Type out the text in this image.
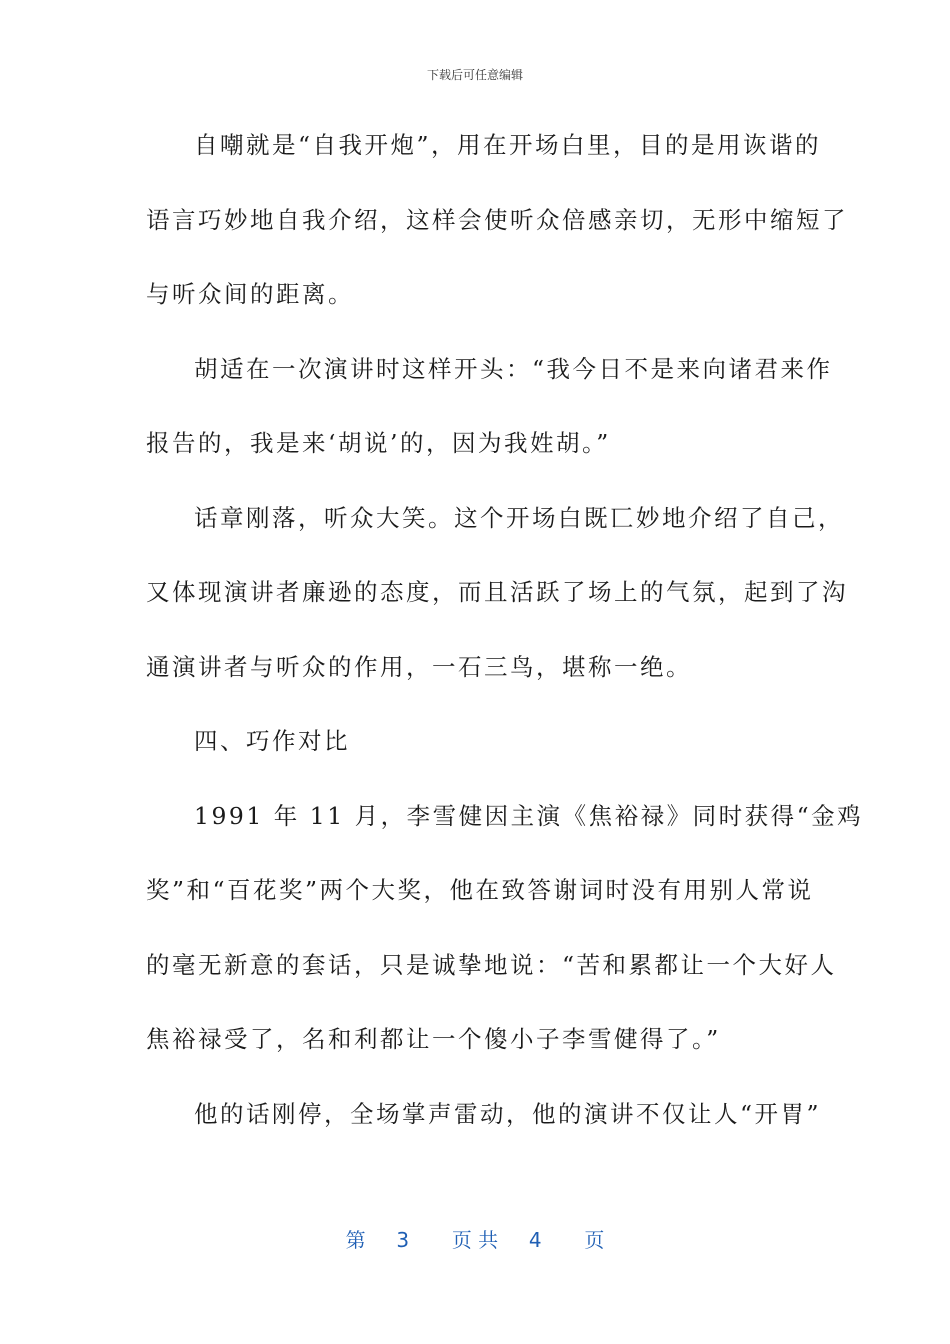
下载后可任意编辑

自嘲就是“自我开炮”，用在开场白里，目的是用诙谐的

语言巧妙地自我介绍，这样会使听众倍感亲切，无形中缩短了

与听众间的距离。

胡适在一次演讲时这样开头：“我今日不是来向诸君来作

报告的，我是来‘胡说’的，因为我姓胡。”

话章刚落，听众大笑。这个开场白既匸妙地介绍了自己，

又体现演讲者廉逊的态度，而且活跃了场上的气氛，起到了沟

通演讲者与听众的作用，一石三鸟，堪称一绝。

四、巧作对比

1991 年 11 月，李雪健因主演《焦裕禄》同时获得“金鸡

奖”和“百花奖”两个大奖，他在致答谢词时没有用别人常说

的毫无新意的套话，只是诚挚地说：“苦和累都让一个大好人

焦裕禄受了，名和利都让一个傻小子李雪健得了。”

他的话刚停，全场掌声雷动，他的演讲不仅让人“开胃”

第 3 页 共 4 页
